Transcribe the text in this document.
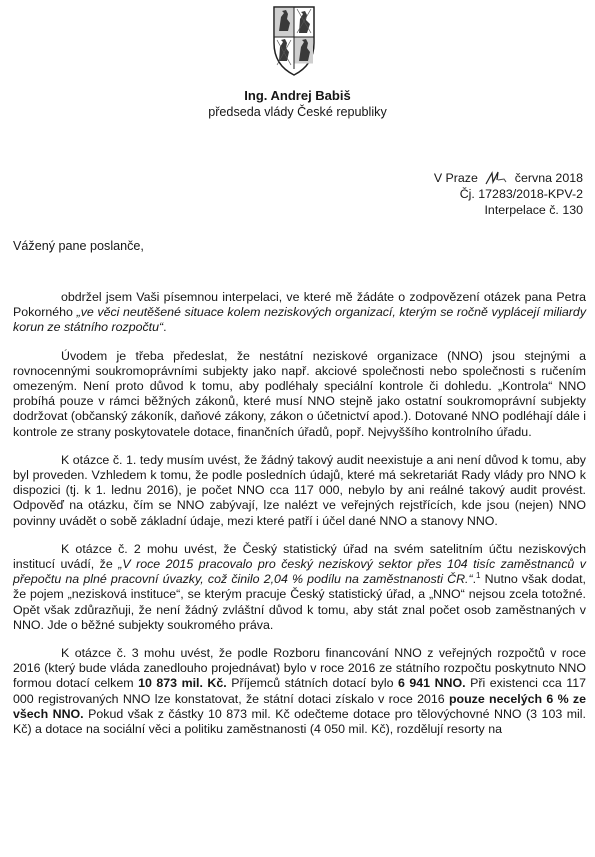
Ing. Andrej Babiš
předseda vlády České republiky
V Praze	června 2018
Čj. 17283/2018-KPV-2
Interpelace č. 130
Vážený pane poslanče,

obdržel jsem Vaši písemnou interpelaci, ve které mě žádáte o zodpovězení otázek pana Petra Pokorného „ve věci neutěšené situace kolem neziskových organizací, kterým se ročně vyplácejí miliardy korun ze státního rozpočtu“.

Úvodem je třeba předeslat, že nestátní neziskové organizace (NNO) jsou stejnými a rovnocennými soukromoprávními subjekty jako např. akciové společnosti nebo společnosti s ručením omezeným. Není proto důvod k tomu, aby podléhaly speciální kontrole či dohledu. „Kontrola“ NNO probíhá pouze v rámci běžných zákonů, které musí NNO stejně jako ostatní soukromoprávní subjekty dodržovat (občanský zákoník, daňové zákony, zákon o účetnictví apod.). Dotované NNO podléhají dále i kontrole ze strany poskytovatele dotace, finančních úřadů, popř. Nejvyššího kontrolního úřadu.

K otázce č. 1. tedy musím uvést, že žádný takový audit neexistuje a ani není důvod k tomu, aby byl proveden. Vzhledem k tomu, že podle posledních údajů, které má sekretariát Rady vlády pro NNO k dispozici (tj. k 1. lednu 2016), je počet NNO cca 117 000, nebylo by ani reálné takový audit provést. Odpověď na otázku, čím se NNO zabývají, lze nalézt ve veřejných rejstřících, kde jsou (nejen) NNO povinny uvádět o sobě základní údaje, mezi které patří i účel dané NNO a stanovy NNO.

K otázce č. 2 mohu uvést, že Český statistický úřad na svém satelitním účtu neziskových institucí uvádí, že „V roce 2015 pracovalo pro český neziskový sektor přes 104 tisíc zaměstnanců v přepočtu na plné pracovní úvazky, což činilo 2,04 % podílu na zaměstnanosti ČR.“.$^1$ Nutno však dodat, že pojem „nezisková instituce“, se kterým pracuje Český statistický úřad, a „NNO“ nejsou zcela totožné. Opět však zdůrazňuji, že není žádný zvláštní důvod k tomu, aby stát znal počet osob zaměstnaných v NNO. Jde o běžné subjekty soukromého práva.

K otázce č. 3 mohu uvést, že podle Rozboru financování NNO z veřejných rozpočtů v roce 2016 (který bude vláda zanedlouho projednávat) bylo v roce 2016 ze státního rozpočtu poskytnuto NNO formou dotací celkem 10 873 mil. Kč. Příjemců státních dotací bylo 6 941 NNO. Při existenci cca 117 000 registrovaných NNO lze konstatovat, že státní dotaci získalo v roce 2016 pouze necelých 6 % ze všech NNO. Pokud však z částky 10 873 mil. Kč odečteme dotace pro tělovýchovné NNO (3 103 mil. Kč) a dotace na sociální věci a politiku zaměstnanosti (4 050 mil. Kč), rozdělují resorty na
